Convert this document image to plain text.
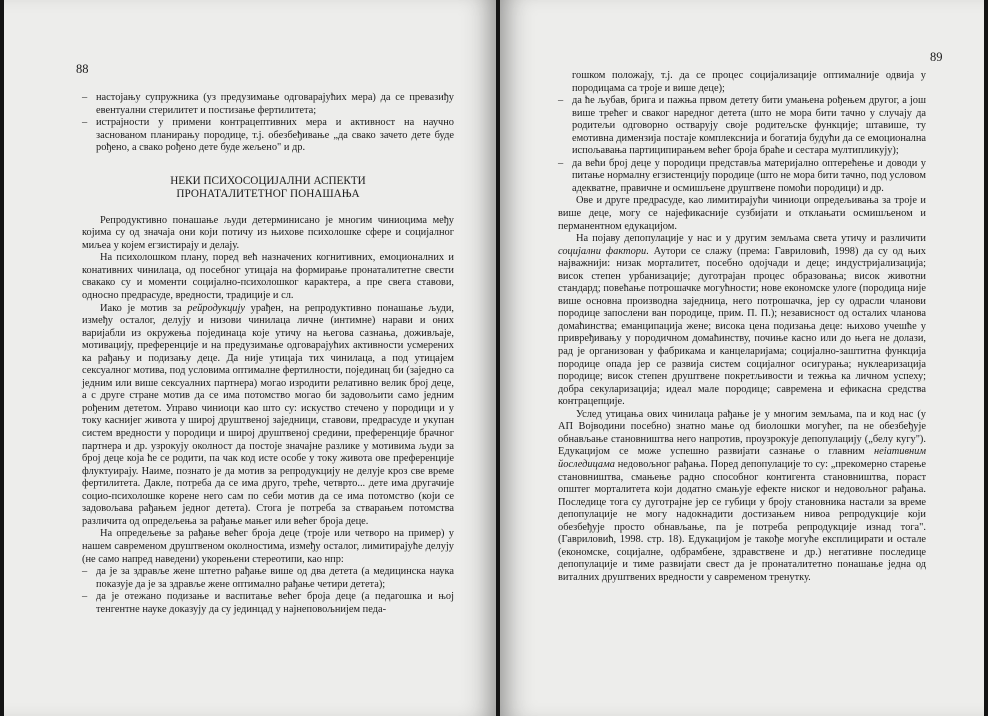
88
– настојању супружника (уз предузимање одговарајућих мера) да се превазиђу евентуални стерилитет и постизање фертилитета;
– истрајности у примени контрацептивних мера и активност на научно заснованом планирању породице, т.ј. обезбеђивање „да свако зачето дете буде рођено, а свако рођено дете буде жељено" и др.
НЕКИ ПСИХОСОЦИЈАЛНИ АСПЕКТИ
ПРОНАТАЛИТЕТНОГ ПОНАШАЊА

Репродуктивно понашање људи детерминисано је многим чиниоцима међу којима су од значаја они који потичу из њихове психолошке сфере и социјалног миљеа у којем егзистирају и делају.

На психолошком плану, поред већ назначених когнитивних, емоционалних и конативних чинилаца, од посебног утицаја на формирање пронаталитетне свести свакако су и моменти социјално-психолошког карактера, а пре свега ставови, односно предрасуде, вредности, традиције и сл.

Иако је мотив за рейродукцију урађен, на репродуктивно понашање људи, између осталог, делују и низови чинилаца личне (интимне) нарави и оних варијабли из окружења појединаца које утичу на његова сазнања, доживљаје, мотивацију, преференције и на предузимање одговарајућих активности усмерених ка рађању и подизању деце. Да није утицаја тих чинилаца, а под утицајем сексуалног мотива, под условима оптималне фертилности, појединац би (заједно са једним или више сексуалних партнера) могао изродити релативно велик број деце, а с друге стране мотив да се има потомство могао би задовољити само једним рођеним дететом. Управо чиниоци као што су: искуство стечено у породици и у току каснијег живота у широј друштвеној заједници, ставови, предрасуде и укупан систем вредности у породици и широј друштвеној средини, преференције брачног партнера и др. узрокују околност да постоје значајне разлике у мотивима људи за број деце која ће се родити, па чак код исте особе у току живота ове преференције флуктуирају. Наиме, познато је да мотив за репродукцију не делује кроз све време фертилитета. Дакле, потреба да се има друго, треће, четврто... дете има другачије социо-психолошке корене него сам по себи мотив да се има потомство (који се задовољава рађањем једног детета). Стога је потреба за стварањем потомства различита од опредељења за рађање мањег или већег броја деце.

На опредељење за рађање већег броја деце (троје или четворо на пример) у нашем савременом друштвеном околностима, између осталог, лимитирајуће делују (не само напред наведени) укорењени стереотипи, као нпр:

– да је за здравље жене штетно рађање више од два детета (а медицинска наука показује да је за здравље жене оптимално рађање четири детета);
– да је отежано подизање и васпитање већег броја деце (а педагошка и њој тенгентне науке доказују да су јединцад у најнеповољнијем педа-
89
гошком положају, т.ј. да се процес социјализације оптималније одвија у породицама са троје и више деце);
– да ће љубав, брига и пажња првом детету бити умањена рођењем другог, а још више трећег и сваког наредног детета (што не мора бити тачно у случају да родитељи одговорно остварују своје родитељске функције; штавише, ту емотивна димензија постаје комплекснија и богатија будући да се емоционална испољавања партиципирањем већег броја браће и сестара мултипликују);
– да већи број деце у породици представља материјално оптерећење и доводи у питање нормалну егзистенцију породице (што не мора бити тачно, под условом адекватне, правичне и осмишљене друштвене помоћи породици) и др.

Ове и друге предрасуде, као лимитирајући чиниоци опредељивања за троје и више деце, могу се најефикасније сузбијати и отклањати осмишљеном и перманентном едукацијом.

На појаву депопулације у нас и у другим земљама света утичу и различити социјални фактори. Аутори се слажу (према: Гавриловић, 1998) да су од њих најважнији: низак морталитет, посебно одојчади и деце; индустријализација; висок степен урбанизације; дуготрајан процес образовања; висок животни стандард; повећање потрошачке могућности; нове економске улоге (породица није више основна производна заједница, него потрошачка, јер су одрасли чланови породице запослени ван породице, прим. П. П.); независност од осталих чланова домаћинства; еманципација жене; висока цена подизања деце: њихово учешће у привређивању у породичном домаћинству, почиње касно или до њега не долази, рад је организован у фабрикама и канцеларијама; социјално-заштитна функција породице опада јер се развија систем социјалног осигурања; нуклеаризација породице; висок степен друштвене покретљивости и тежња ка личном успеху; добра секуларизација; идеал мале породице; савремена и ефикасна средства контрацепције.

Услед утицања ових чинилаца рађање је у многим земљама, па и код нас (у АП Војводини посебно) знатно мање од биолошки могућег, па не обезбеђује обнављање становништва него напротив, проузрокује депопулацију („белу кугу"). Едукацијом се може успешно развијати сазнање о главним неіативним йоследицама недовољног рађања. Поред депопулације то су: „прекомерно старење становништва, смањење радно способног контигента становништва, пораст општег морталитета који додатно смањује ефекте ниског и недовољног рађања. Последице тога су дуготрајне јер се губици у броју становника настали за време депопулације не могу надокнадити достизањем нивоа репродукције који обезбеђује просто обнављање, па је потреба репродукције изнад тога". (Гавриловић, 1998. стр. 18). Едукацијом је такође могуће експлицирати и остале (економске, социјалне, одбрамбене, здравствене и др.) негативне последице депопулације и тиме развијати свест да је пронаталитетно понашање једна од виталних друштвених вредности у савременом тренутку.
